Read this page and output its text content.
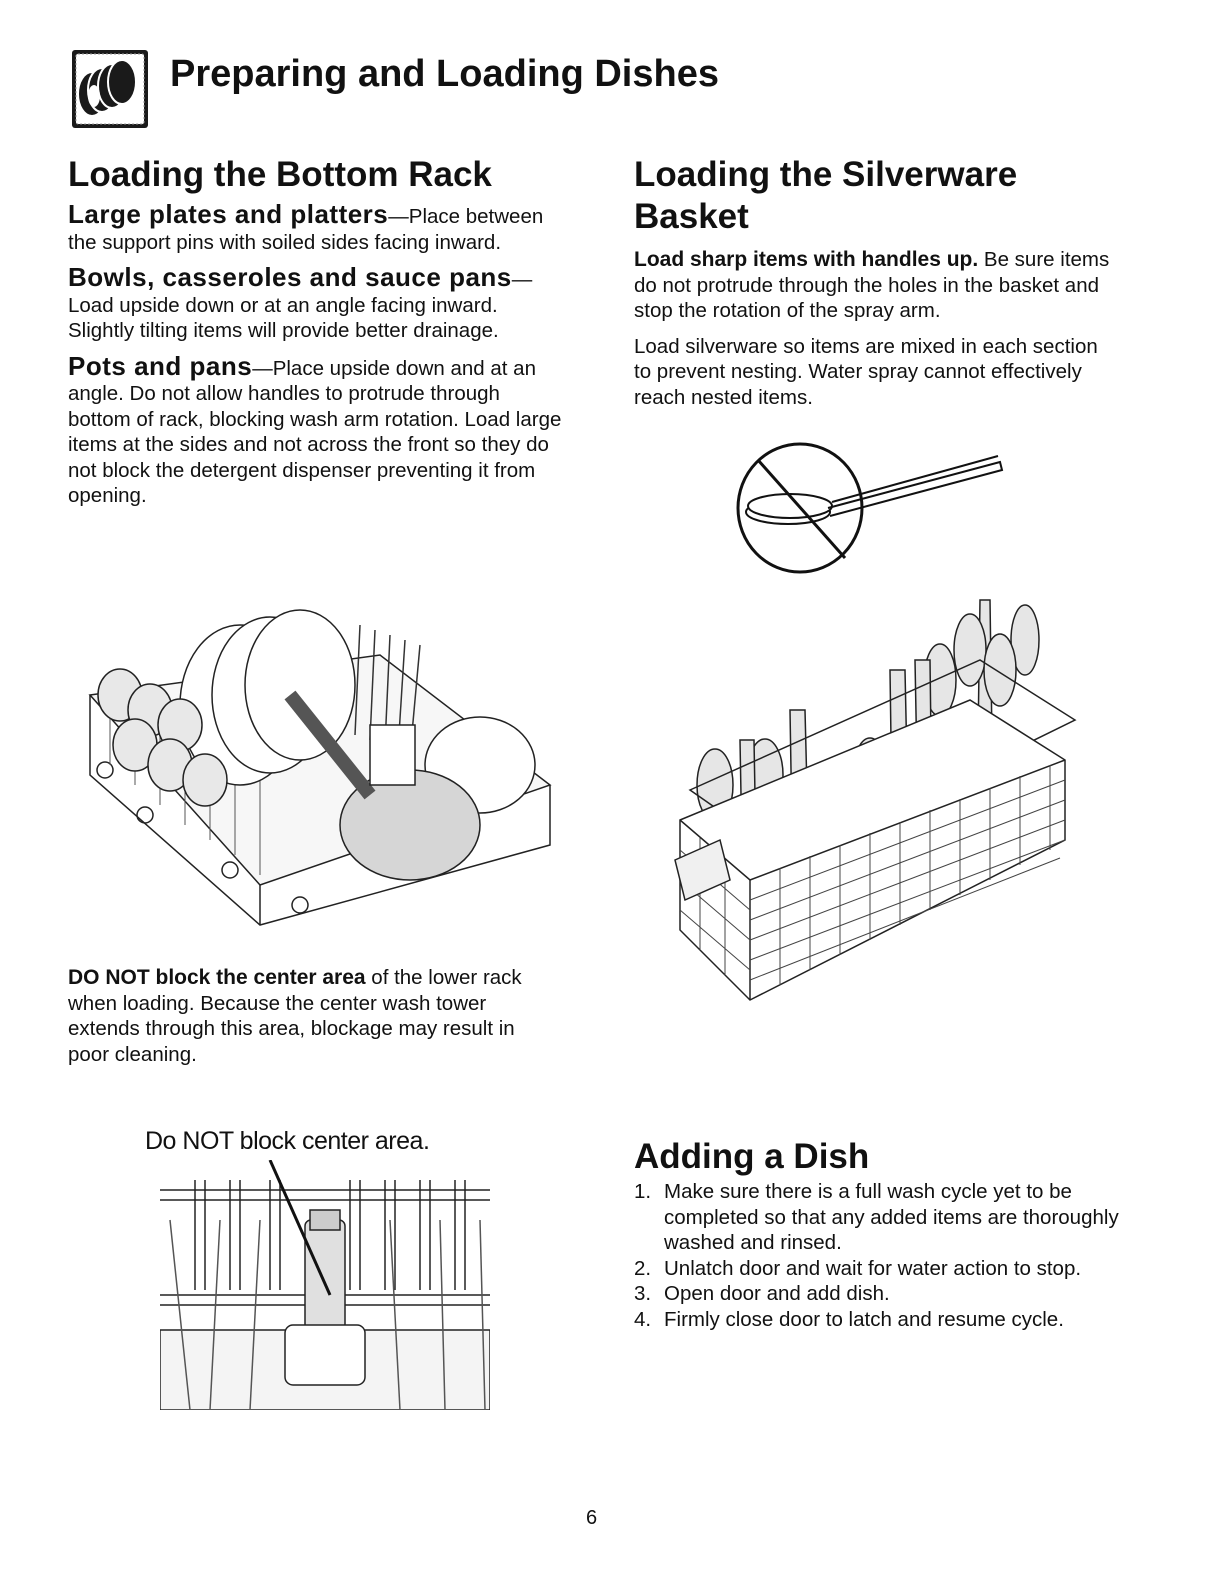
Preparing and Loading Dishes
Loading the Bottom Rack

Large plates and platters—Place between the support pins with soiled sides facing inward.

Bowls, casseroles and sauce pans— Load upside down or at an angle facing inward. Slightly tilting items will provide better drainage.

Pots and pans—Place upside down and at an angle. Do not allow handles to protrude through bottom of rack, blocking wash arm rotation. Load large items at the sides and not across the front so they do not block the detergent dispenser preventing it from opening.

DO NOT block the center area of the lower rack when loading. Because the center wash tower extends through this area, blockage may result in poor cleaning.
Do NOT block center area.
Loading the Silverware Basket

Load sharp items with handles up. Be sure items do not protrude through the holes in the basket and stop the rotation of the spray arm.

Load silverware so items are mixed in each section to prevent nesting. Water spray cannot effectively reach nested items.

Adding a Dish
1. Make sure there is a full wash cycle yet to be completed so that any added items are thoroughly washed and rinsed.
2. Unlatch door and wait for water action to stop.
3. Open door and add dish.
4. Firmly close door to latch and resume cycle.
6
